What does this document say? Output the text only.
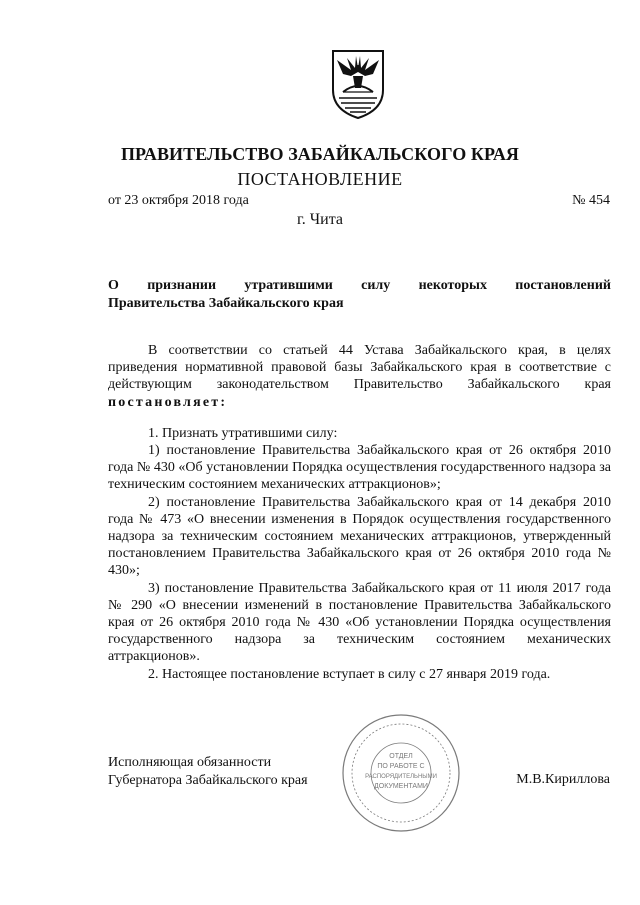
ПРАВИТЕЛЬСТВО ЗАБАЙКАЛЬСКОГО КРАЯ
ПОСТАНОВЛЕНИЕ
от 23 октября 2018 года	№ 454
г. Чита
О признании утратившими силу некоторых постановлений
Правительства Забайкальского края

В соответствии со статьей 44 Устава Забайкальского края, в целях приведения нормативной правовой базы Забайкальского края в соответствие с действующим законодательством Правительство Забайкальского края постановляет:

1. Признать утратившими силу:

1) постановление Правительства Забайкальского края от 26 октября 2010 года № 430 «Об установлении Порядка осуществления государственного надзора за техническим состоянием механических аттракционов»;

2) постановление Правительства Забайкальского края от 14 декабря 2010 года № 473 «О внесении изменения в Порядок осуществления государственного надзора за техническим состоянием механических аттракционов, утвержденный постановлением Правительства Забайкальского края от 26 октября 2010 года № 430»;

3) постановление Правительства Забайкальского края от 11 июля 2017 года № 290 «О внесении изменений в постановление Правительства Забайкальского края от 26 октября 2010 года № 430 «Об установлении Порядка осуществления государственного надзора за техническим состоянием механических аттракционов».

2. Настоящее постановление вступает в силу с 27 января 2019 года.

Исполняющая обязанности
Губернатора Забайкальского края
ОТДЕЛ
ПО РАБОТЕ С
РАСПОРЯДИТЕЛЬНЫМИ
ДОКУМЕНТАМИ	М.В.Кириллова
